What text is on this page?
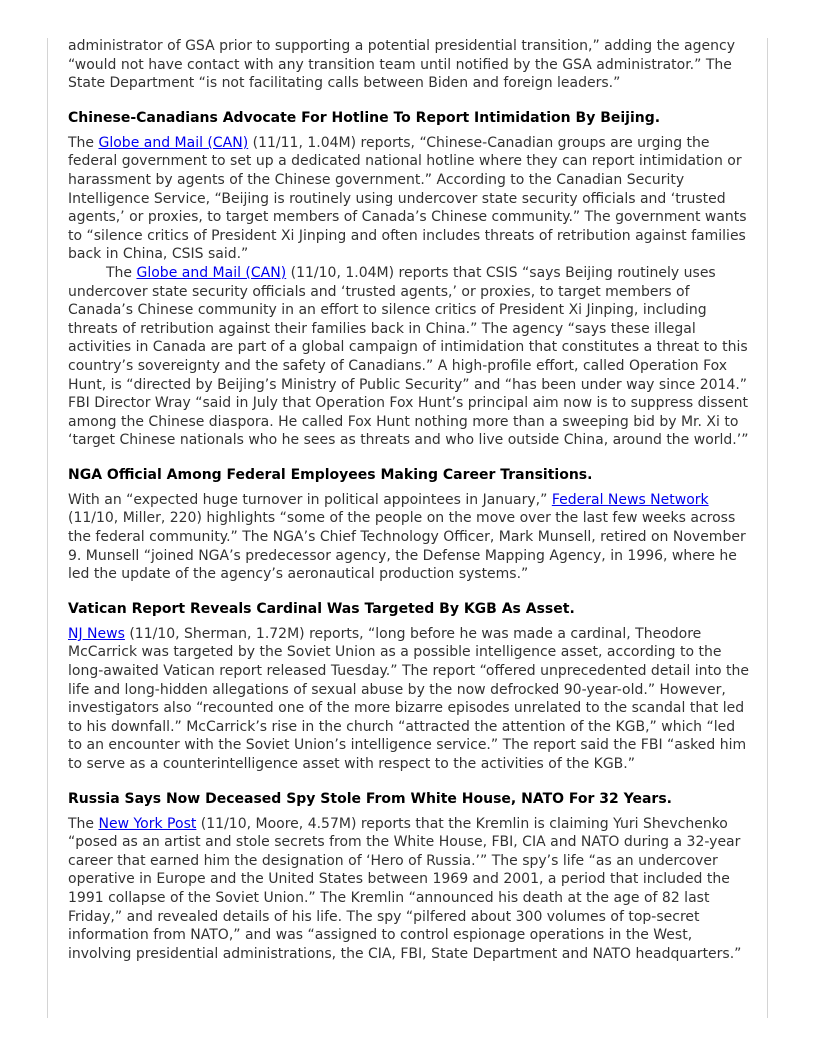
administrator of GSA prior to supporting a potential presidential transition,” adding the agency “would not have contact with any transition team until notified by the GSA administrator.” The State Department “is not facilitating calls between Biden and foreign leaders.”

Chinese-Canadians Advocate For Hotline To Report Intimidation By Beijing.

The Globe and Mail (CAN) (11/11, 1.04M) reports, “Chinese-Canadian groups are urging the federal government to set up a dedicated national hotline where they can report intimidation or harassment by agents of the Chinese government.” According to the Canadian Security Intelligence Service, “Beijing is routinely using undercover state security officials and ‘trusted agents,’ or proxies, to target members of Canada’s Chinese community.” The government wants to “silence critics of President Xi Jinping and often includes threats of retribution against families back in China, CSIS said.”

The Globe and Mail (CAN) (11/10, 1.04M) reports that CSIS “says Beijing routinely uses undercover state security officials and ‘trusted agents,’ or proxies, to target members of Canada’s Chinese community in an effort to silence critics of President Xi Jinping, including threats of retribution against their families back in China.” The agency “says these illegal activities in Canada are part of a global campaign of intimidation that constitutes a threat to this country’s sovereignty and the safety of Canadians.” A high-profile effort, called Operation Fox Hunt, is “directed by Beijing’s Ministry of Public Security” and “has been under way since 2014.” FBI Director Wray “said in July that Operation Fox Hunt’s principal aim now is to suppress dissent among the Chinese diaspora. He called Fox Hunt nothing more than a sweeping bid by Mr. Xi to ‘target Chinese nationals who he sees as threats and who live outside China, around the world.’”

NGA Official Among Federal Employees Making Career Transitions.

With an “expected huge turnover in political appointees in January,” Federal News Network (11/10, Miller, 220) highlights “some of the people on the move over the last few weeks across the federal community.” The NGA’s Chief Technology Officer, Mark Munsell, retired on November 9. Munsell “joined NGA’s predecessor agency, the Defense Mapping Agency, in 1996, where he led the update of the agency’s aeronautical production systems.”

Vatican Report Reveals Cardinal Was Targeted By KGB As Asset.

NJ News (11/10, Sherman, 1.72M) reports, “long before he was made a cardinal, Theodore McCarrick was targeted by the Soviet Union as a possible intelligence asset, according to the long-awaited Vatican report released Tuesday.” The report “offered unprecedented detail into the life and long-hidden allegations of sexual abuse by the now defrocked 90-year-old.” However, investigators also “recounted one of the more bizarre episodes unrelated to the scandal that led to his downfall.” McCarrick’s rise in the church “attracted the attention of the KGB,” which “led to an encounter with the Soviet Union’s intelligence service.” The report said the FBI “asked him to serve as a counterintelligence asset with respect to the activities of the KGB.”

Russia Says Now Deceased Spy Stole From White House, NATO For 32 Years.

The New York Post (11/10, Moore, 4.57M) reports that the Kremlin is claiming Yuri Shevchenko “posed as an artist and stole secrets from the White House, FBI, CIA and NATO during a 32-year career that earned him the designation of ‘Hero of Russia.’” The spy’s life “as an undercover operative in Europe and the United States between 1969 and 2001, a period that included the 1991 collapse of the Soviet Union.” The Kremlin “announced his death at the age of 82 last Friday,” and revealed details of his life. The spy “pilfered about 300 volumes of top-secret information from NATO,” and was “assigned to control espionage operations in the West, involving presidential administrations, the CIA, FBI, State Department and NATO headquarters.”
